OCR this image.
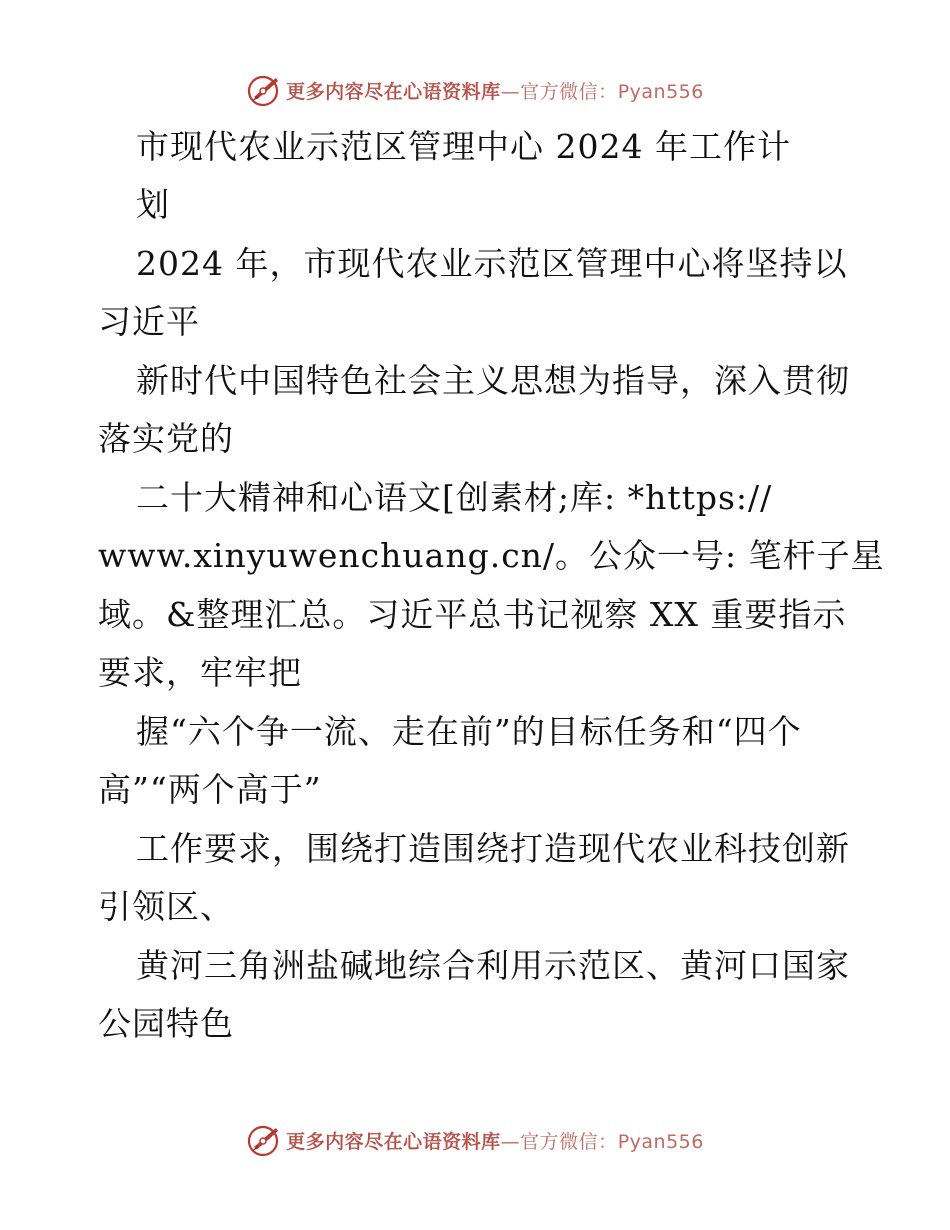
更多内容尽在心语资料库—官方微信：Pyan556
市现代农业示范区管理中心 2024 年工作计
划
2024 年，市现代农业示范区管理中心将坚持以
习近平
新时代中国特色社会主义思想为指导，深入贯彻
落实党的
二十大精神和心语文[创素材;库: *https://
www.xinyuwenchuang.cn/。公众一号: 笔杆子星
域。&整理汇总。习近平总书记视察 XX 重要指示
要求，牢牢把
握“六个争一流、走在前”的目标任务和“四个
高”“两个高于”
工作要求，围绕打造围绕打造现代农业科技创新
引领区、
黄河三角洲盐碱地综合利用示范区、黄河口国家
公园特色
更多内容尽在心语资料库—官方微信：Pyan556
